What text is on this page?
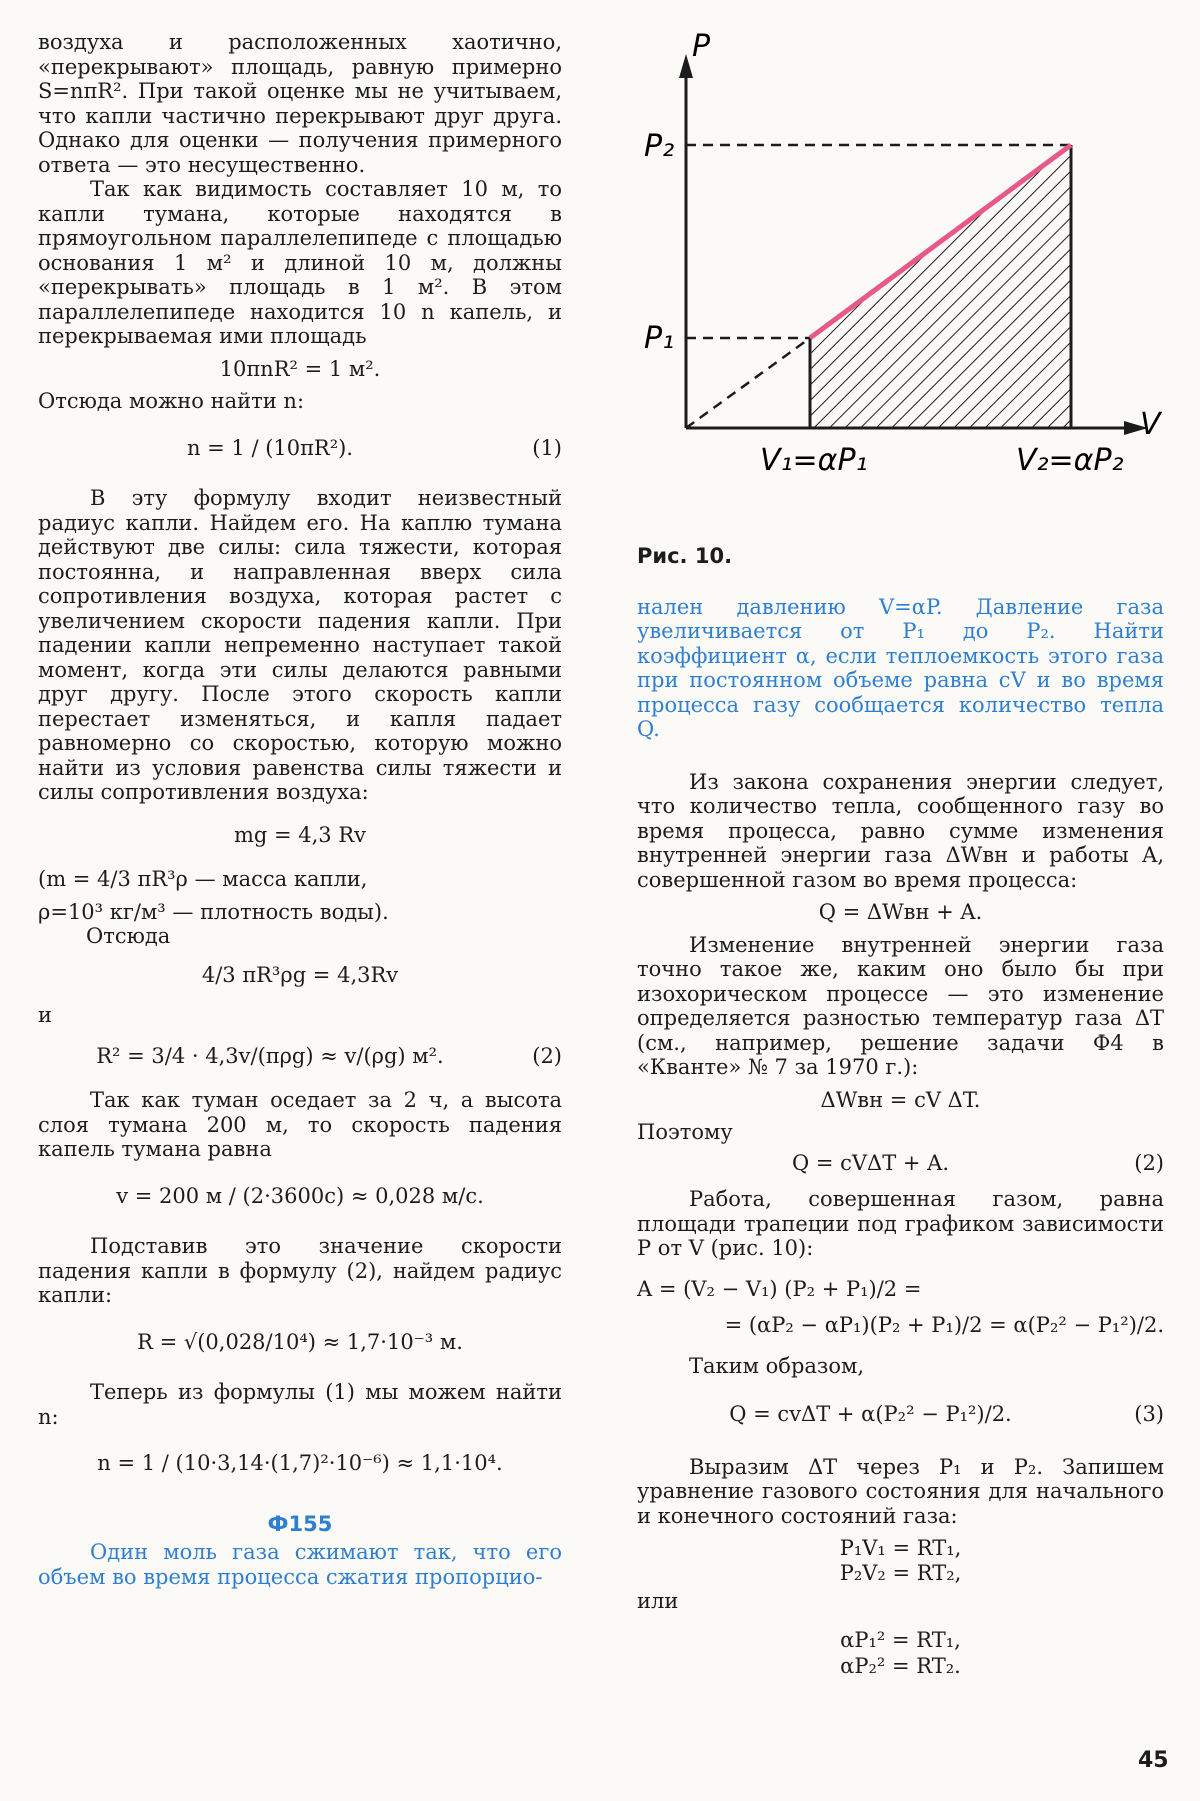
воздуха и расположенных хаотично, «перекрывают» площадь, равную примерно S=nπR². При такой оценке мы не учитываем, что капли частично перекрывают друг друга. Однако для оценки — получения примерного ответа — это несущественно.

Так как видимость составляет 10 м, то капли тумана, которые находятся в прямоугольном параллелепипеде с площадью основания 1 м² и длиной 10 м, должны «перекрывать» площадь в 1 м². В этом параллелепипеде находится 10 n капель, и перекрываемая ими площадь

10πnR² = 1 м².

Отсюда можно найти n:

n = 1 / (10πR²).	(1)

В эту формулу входит неизвестный радиус капли. Найдем его. На каплю тумана действуют две силы: сила тяжести, которая постоянна, и направленная вверх сила сопротивления воздуха, которая растет с увеличением скорости падения капли. При падении капли непременно наступает такой момент, когда эти силы делаются равными друг другу. После этого скорость капли перестает изменяться, и капля падает равномерно со скоростью, которую можно найти из условия равенства силы тяжести и силы сопротивления воздуха:

mg = 4,3 Rv

(m = 4/3 πR³ρ — масса капли,

ρ=10³ кг/м³ — плотность воды).

Отсюда

4/3 πR³ρg = 4,3Rv

и

R² = 3/4 · 4,3v/(πρg) ≈ v/(ρg) м².	(2)

Так как туман оседает за 2 ч, а высота слоя тумана 200 м, то скорость падения капель тумана равна

v = 200 м / (2·3600с) ≈ 0,028 м/с.

Подставив это значение скорости падения капли в формулу (2), найдем радиус капли:

R = √(0,028/10⁴) ≈ 1,7·10⁻³ м.

Теперь из формулы (1) мы можем найти n:

n = 1 / (10·3,14·(1,7)²·10⁻⁶) ≈ 1,1·10⁴.
Ф155

Один моль газа сжимают так, что его объем во время процесса сжатия пропорцио-

P
V
P₂
P₁
V₁=αP₁	V₂=αP₂
Рис. 10.

нален давлению V=αP. Давление газа увеличивается от P₁ до P₂. Найти коэффициент α, если теплоемкость этого газа при постоянном объеме равна cV и во время процесса газу сообщается количество тепла Q.

Из закона сохранения энергии следует, что количество тепла, сообщенного газу во время процесса, равно сумме изменения внутренней энергии газа ΔWвн и работы A, совершенной газом во время процесса:

Q = ΔWвн + A.

Изменение внутренней энергии газа точно такое же, каким оно было бы при изохорическом процессе — это изменение определяется разностью температур газа ΔT (см., например, решение задачи Ф4 в «Кванте» № 7 за 1970 г.):

ΔWвн = cV ΔT.

Поэтому

Q = cVΔT + A.	(2)

Работа, совершенная газом, равна площади трапеции под графиком зависимости P от V (рис. 10):

A = (V₂ − V₁) (P₂ + P₁)/2 =
= (αP₂ − αP₁)(P₂ + P₁)/2 = α(P₂² − P₁²)/2.

Таким образом,

Q = cvΔT + α(P₂² − P₁²)/2.	(3)

Выразим ΔT через P₁ и P₂. Запишем уравнение газового состояния для начального и конечного состояний газа:

P₁V₁ = RT₁,
P₂V₂ = RT₂,

или

αP₁² = RT₁,
αP₂² = RT₂.
45
